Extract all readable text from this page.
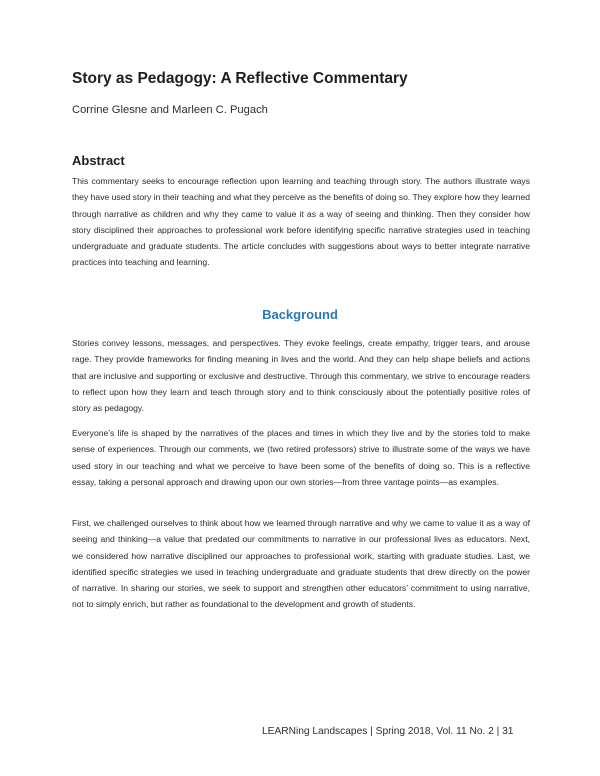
Story as Pedagogy: A Reflective Commentary
Corrine Glesne and Marleen C. Pugach
Abstract

This commentary seeks to encourage reflection upon learning and teaching through story. The authors illustrate ways they have used story in their teaching and what they perceive as the benefits of doing so. They explore how they learned through narrative as children and why they came to value it as a way of seeing and thinking. Then they consider how story disciplined their approaches to professional work before identifying specific narrative strategies used in teaching undergraduate and graduate students. The article concludes with suggestions about ways to better integrate narrative practices into teaching and learning.

Background

Stories convey lessons, messages, and perspectives. They evoke feelings, create empathy, trigger tears, and arouse rage. They provide frameworks for finding meaning in lives and the world. And they can help shape beliefs and actions that are inclusive and supporting or exclusive and destructive. Through this commentary, we strive to encourage readers to reflect upon how they learn and teach through story and to think consciously about the potentially positive roles of story as pedagogy.

Everyone’s life is shaped by the narratives of the places and times in which they live and by the stories told to make sense of experiences. Through our comments, we (two retired professors) strive to illustrate some of the ways we have used story in our teaching and what we perceive to have been some of the benefits of doing so. This is a reflective essay, taking a personal approach and drawing upon our own stories—from three vantage points—as examples.

First, we challenged ourselves to think about how we learned through narrative and why we came to value it as a way of seeing and thinking—a value that predated our commitments to narrative in our professional lives as educators. Next, we considered how narrative disciplined our approaches to professional work, starting with graduate studies. Last, we identified specific strategies we used in teaching undergraduate and graduate students that drew directly on the power of narrative. In sharing our stories, we seek to support and strengthen other educators’ commitment to using narrative, not to simply enrich, but rather as foundational to the development and growth of students.

LEARNing Landscapes | Spring 2018, Vol. 11 No. 2 | 31
